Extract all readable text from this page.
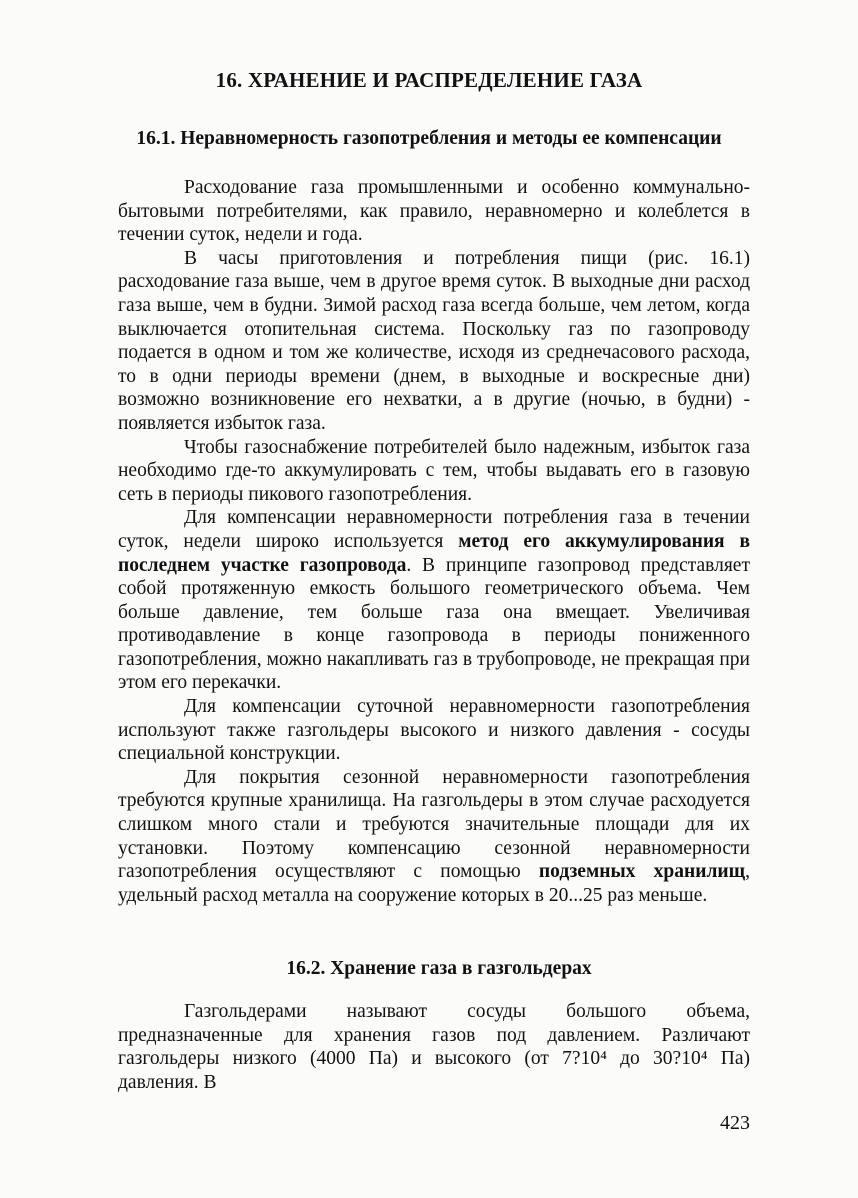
16. ХРАНЕНИЕ И РАСПРЕДЕЛЕНИЕ ГАЗА
16.1. Неравномерность газопотребления и методы ее компенсации

Расходование газа промышленными и особенно коммунально-бытовыми потребителями, как правило, неравномерно и колеблется в течении суток, недели и года.

В часы приготовления и потребления пищи (рис. 16.1) расходование газа выше, чем в другое время суток. В выходные дни расход газа выше, чем в будни. Зимой расход газа всегда больше, чем летом, когда выключается отопительная система. Поскольку газ по газопроводу подается в одном и том же количестве, исходя из среднечасового расхода, то в одни периоды времени (днем, в выходные и воскресные дни) возможно возникновение его нехватки, а в другие (ночью, в будни) - появляется избыток газа.

Чтобы газоснабжение потребителей было надежным, избыток газа необходимо где-то аккумулировать с тем, чтобы выдавать его в газовую сеть в периоды пикового газопотребления.

Для компенсации неравномерности потребления газа в течении суток, недели широко используется метод его аккумулирования в последнем участке газопровода. В принципе газопровод представляет собой протяженную емкость большого геометрического объема. Чем больше давление, тем больше газа она вмещает. Увеличивая противодавление в конце газопровода в периоды пониженного газопотребления, можно накапливать газ в трубопроводе, не прекращая при этом его перекачки.

Для компенсации суточной неравномерности газопотребления используют также газгольдеры высокого и низкого давления - сосуды специальной конструкции.

Для покрытия сезонной неравномерности газопотребления требуются крупные хранилища. На газгольдеры в этом случае расходуется слишком много стали и требуются значительные площади для их установки. Поэтому компенсацию сезонной неравномерности газопотребления осуществляют с помощью подземных хранилищ, удельный расход металла на сооружение которых в 20...25 раз меньше.

16.2. Хранение газа в газгольдерах

Газгольдерами называют сосуды большого объема, предназначенные для хранения газов под давлением. Различают газгольдеры низкого (4000 Па) и высокого (от 7?10⁴ до 30?10⁴ Па) давления. В

423
